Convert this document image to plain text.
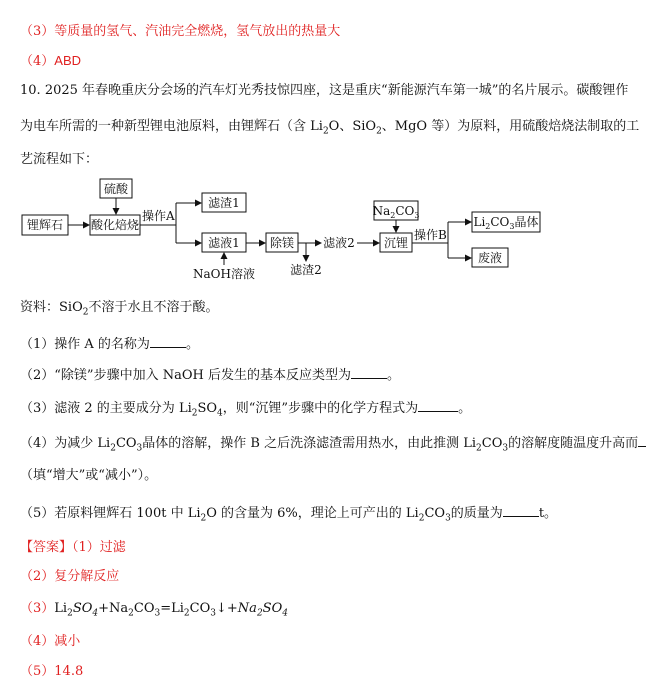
（3）等质量的氢气、汽油完全燃烧，氢气放出的热量大
（4）ABD
10. 2025 年春晚重庆分会场的汽车灯光秀技惊四座，这是重庆“新能源汽车第一城”的名片展示。碳酸锂作
为电车所需的一种新型锂电池原料，由锂辉石（含 $Li_2O$、SiO$_2$、MgO 等）为原料，用硫酸焙烧法制取的工
艺流程如下：
锂辉石
硫酸
酸化焙烧
操作A
滤渣1
滤液1
NaOH溶液
除镁
滤渣2
滤液2
$Na_2CO_3$
沉锂
操作B
$Li_2CO_3$晶体
废液
资料：SiO$_2$不溶于水且不溶于酸。
（1）操作 A 的名称为	。
（2）“除镁”步骤中加入 NaOH 后发生的基本反应类型为	。
（3）滤液 2 的主要成分为 $Li_2SO_4$，则“沉锂”步骤中的化学方程式为	。
（4）为减少 $Li_2CO_3$晶体的溶解，操作 B 之后洗涤滤渣需用热水，由此推测 $Li_2CO_3$的溶解度随温度升高而
（填“增大”或“减小”）。
（5）若原料锂辉石 100t 中 $Li_2O$ 的含量为 6%，理论上可产出的 $Li_2CO_3$的质量为	t。
【答案】（1）过滤
（2）复分解反应
$(3)Li_2SO_4+Na_2CO_3=Li_2CO_3↓+Na_2SO_4$
（4）减小
（5）14.8
